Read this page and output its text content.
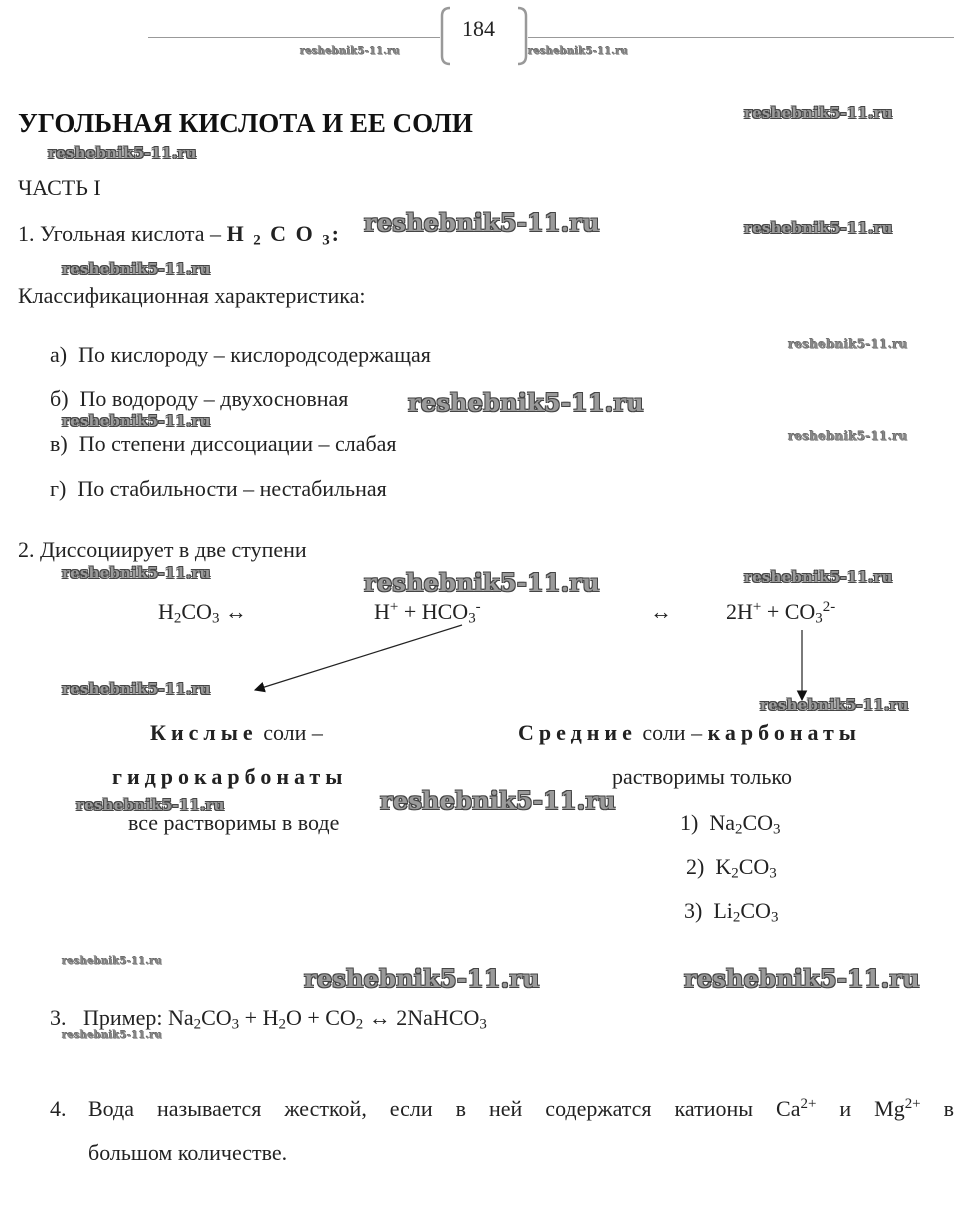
184
reshebnik5-11.ru	reshebnik5-11.ru
УГОЛЬНАЯ КИСЛОТА И ЕЕ СОЛИ	reshebnik5-11.ru
reshebnik5-11.ru
ЧАСТЬ I
1. Угольная кислота – H $_2$ C O $_3$: reshebnik5-11.ru	reshebnik5-11.ru
reshebnik5-11.ru
Классификационная характеристика:
а) По кислороду – кислородсодержащая	reshebnik5-11.ru
б) По водороду – двухосновная reshebnik5-11.ru
reshebnik5-11.ru
в) По степени диссоциации – слабая	reshebnik5-11.ru
г) По стабильности – нестабильная
2. Диссоциирует в две ступени
reshebnik5-11.ru	reshebnik5-11.ru	reshebnik5-11.ru
$H_2CO_3$ ↔	$H^+ + HCO_3^-$	↔ $2H^+ + CO_3^{2-}$
reshebnik5-11.ru
reshebnik5-11.ru
Кислые соли –	Средние соли – карбонаты
гидрокарбонаты	растворимы только
reshebnik5-11.ru	reshebnik5-11.ru
все растворимы в воде	1)  $Na_2CO_3$
2)  $K_2CO_3$
3)  $Li_2CO_3$
reshebnik5-11.ru
reshebnik5-11.ru	reshebnik5-11.ru
3.   Пример: $Na_2CO_3 + H_2O + CO_2$ ↔ 2NaHCO$_3$
reshebnik5-11.ru
4. Вода называется жесткой, если в ней содержатся катионы $Ca^{2+}$ и $Mg^{2+}$ в
большом количестве.
